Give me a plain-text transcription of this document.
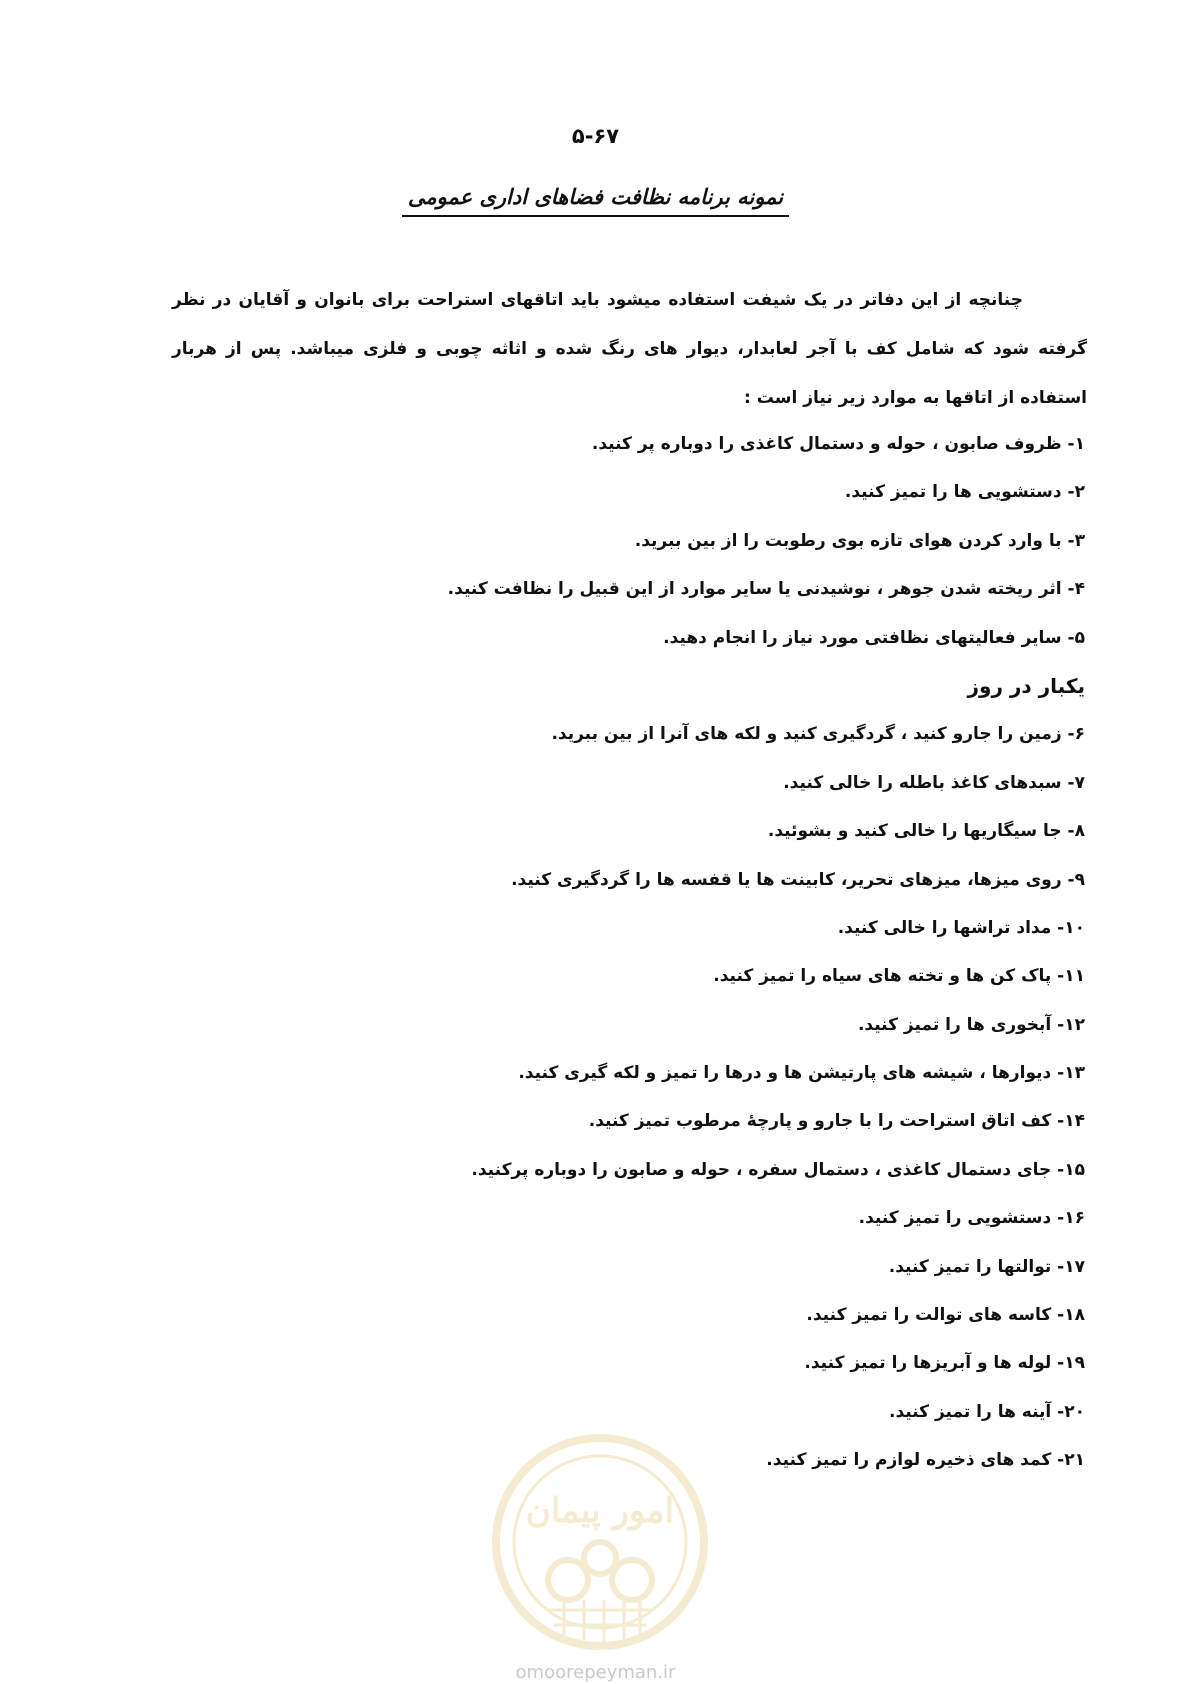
۵-۶۷
نمونه برنامه نظافت فضاهای اداری عمومی

چنانچه از این دفاتر در یک شیفت استفاده میشود باید اتاقهای استراحت برای بانوان و آقایان در نظر گرفته شود که شامل کف با آجر لعابدار، دیوار های رنگ شده و اثاثه چوبی و فلزی میباشد. پس از هربار استفاده از اتاقها به موارد زیر نیاز است :

۱- ظروف صابون ، حوله و دستمال کاغذی را دوباره پر کنید.
۲- دستشویی ها را تمیز کنید.
۳- با وارد کردن هوای تازه بوی رطوبت را از بین ببرید.
۴- اثر ریخته شدن جوهر ، نوشیدنی یا سایر موارد از این قبیل را نظافت کنید.
۵- سایر فعالیتهای نظافتی مورد نیاز را انجام دهید.
یکبار در روز
۶- زمین را جارو کنید ، گردگیری کنید و لکه های آنرا از بین ببرید.
۷- سبدهای کاغذ باطله را خالی کنید.
۸- جا سیگاریها را خالی کنید و بشوئید.
۹- روی میزها، میزهای تحریر، کابینت ها یا قفسه ها را گردگیری کنید.
۱۰- مداد تراشها را خالی کنید.
۱۱- پاک کن ها و تخته های سیاه را تمیز کنید.
۱۲- آبخوری ها را تمیز کنید.
۱۳- دیوارها ، شیشه های پارتیشن ها و درها را تمیز و لکه گیری کنید.
۱۴- کف اتاق استراحت را با جارو و پارچهٔ مرطوب تمیز کنید.
۱۵- جای دستمال کاغذی ، دستمال سفره ، حوله و صابون را دوباره پرکنید.
۱۶- دستشویی را تمیز کنید.
۱۷- توالتها را تمیز کنید.
۱۸- کاسه های توالت را تمیز کنید.
۱۹- لوله ها و آبریزها را تمیز کنید.
۲۰- آینه ها را تمیز کنید.
۲۱- کمد های ذخیره لوازم را تمیز کنید.
امور پیمان
omoorepeyman.ir
